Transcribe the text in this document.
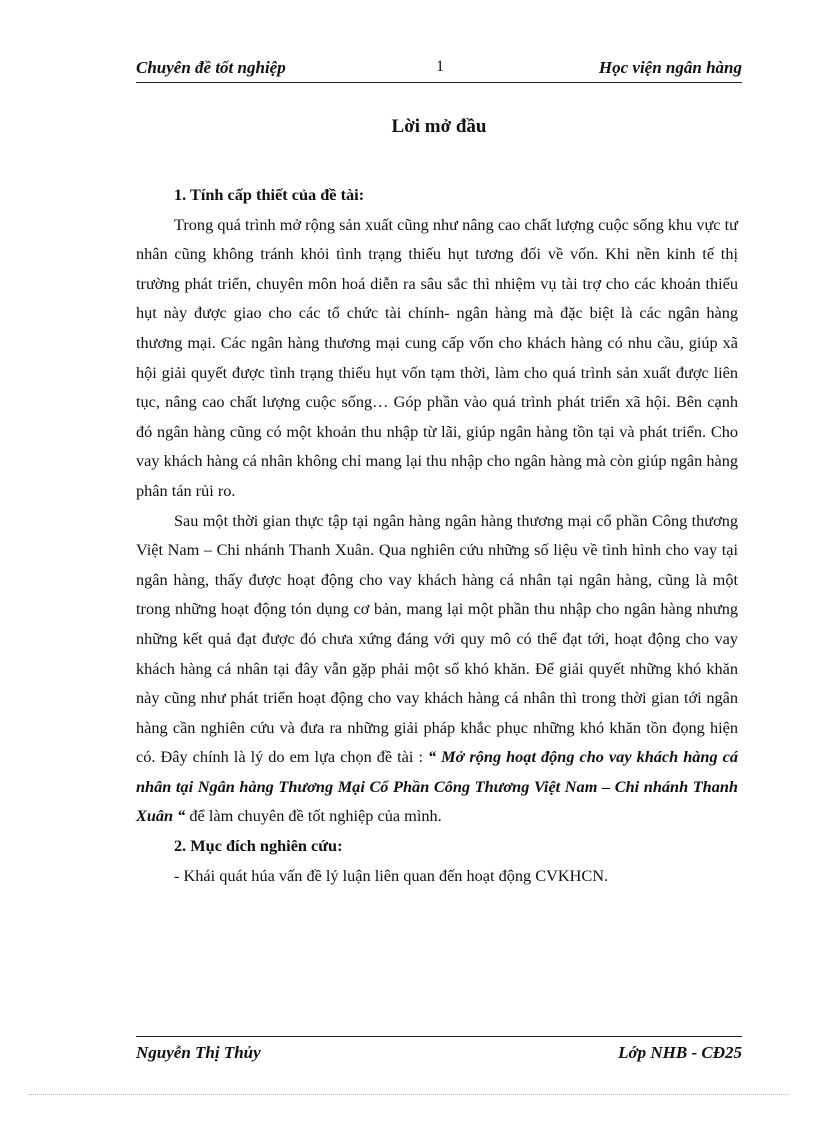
Chuyên đề tốt nghiệp	1	Học viện ngân hàng
Lời mở đầu

1. Tính cấp thiết của đề tài:

Trong quá trình mở rộng sản xuất cũng như nâng cao chất lượng cuộc sống khu vực tư nhân cũng không tránh khỏi tình trạng thiếu hụt tương đối về vốn. Khi nền kinh tế thị trường phát triển, chuyên môn hoá diễn ra sâu sắc thì nhiệm vụ tài trợ cho các khoản thiếu hụt này được giao cho các tổ chức tài chính- ngân hàng mà đặc biệt là các ngân hàng thương mại. Các ngân hàng thương mại cung cấp vốn cho khách hàng có nhu cầu, giúp xã hội giải quyết được tình trạng thiếu hụt vốn tạm thời, làm cho quá trình sản xuất được liên tục, nâng cao chất lượng cuộc sống… Góp phần vào quá trình phát triển xã hội. Bên cạnh đó ngân hàng cũng có một khoản thu nhập từ lãi, giúp ngân hàng tồn tại và phát triển. Cho vay khách hàng cá nhân không chỉ mang lại thu nhập cho ngân hàng mà còn giúp ngân hàng phân tán rủi ro.

Sau một thời gian thực tập tại ngân hàng ngân hàng thương mại cổ phần Công thương Việt Nam – Chi nhánh Thanh Xuân. Qua nghiên cứu những số liệu về tình hình cho vay tại ngân hàng, thấy được hoạt động cho vay khách hàng cá nhân tại ngân hàng, cũng là một trong những hoạt động tón dụng cơ bản, mang lại một phần thu nhập cho ngân hàng nhưng những kết quả đạt được đó chưa xứng đáng với quy mô có thể đạt tới, hoạt động cho vay khách hàng cá nhân tại đây vẫn gặp phải một số khó khăn. Để giải quyết những khó khăn này cũng như phát triển hoạt động cho vay khách hàng cá nhân thì trong thời gian tới ngân hàng cần nghiên cứu và đưa ra những giải pháp khắc phục những khó khăn tồn đọng hiện có. Đây chính là lý do em lựa chọn đề tài : “ Mở rộng hoạt động cho vay khách hàng cá nhân tại Ngân hàng Thương Mại Cổ Phần Công Thương Việt Nam – Chi nhánh Thanh Xuân “ để làm chuyên đề tốt nghiệp của mình.

2. Mục đích nghiên cứu:

- Khái quát húa vấn đề lý luận liên quan đến hoạt động CVKHCN.

Nguyễn Thị Thủy	Lớp NHB - CĐ25
